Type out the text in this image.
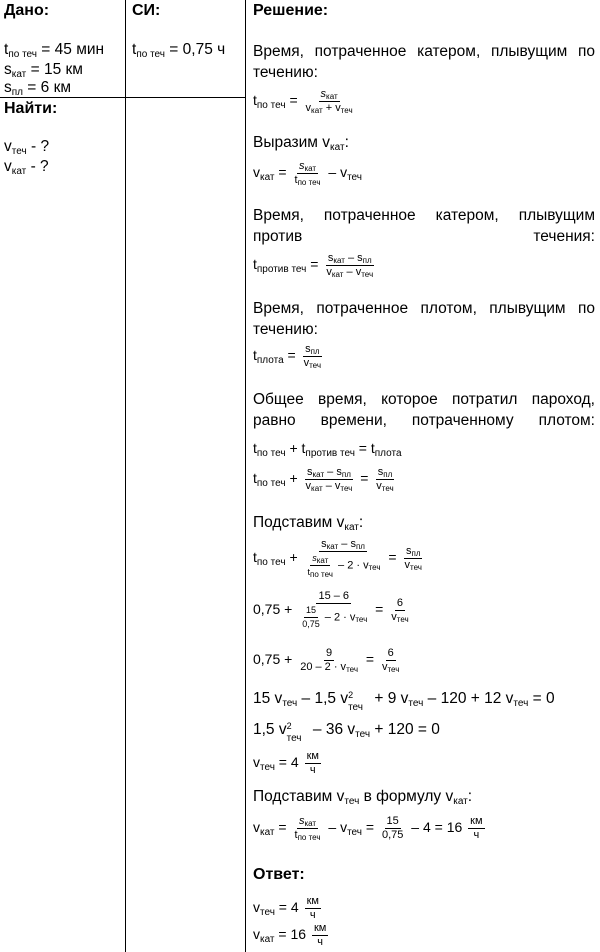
Дано:	СИ:	Решение:
Найти:
tпо теч = 45 мин
sкат = 15 км
sпл = 6 км
vтеч - ?
vкат - ?
tпо теч = 0,75 ч Время, потраченное катером, плывущим по течению:
$t_{по теч} = \frac{\text{sкат}}{\text{vкат + vтеч}}$
Выразим vкат:
$v_{кат} = \frac{\text{sкат}}{\text{tпо теч}} - v_{теч}$
Время, потраченное катером, плывущим против течения:
$t_{против теч} = \frac{\text{sкат – sпл}}{\text{vкат – vтеч}}$
Время, потраченное плотом, плывущим по течению:
$t_{плота} = \frac{\text{sпл}}{\text{vтеч}}$
Общее время, которое потратил пароход, равно времени, потраченному плотом:
$t_{по теч} + t_{против теч} = t_{плота}$
$t_{по теч} + \frac{\text{sкат – sпл}}{\text{vкат – vтеч}} = \frac{\text{sпл}}{\text{vтеч}}$
Подставим vкат:
$t_{по теч} + \frac{\text{sкат – sпл}}{\frac{\text{sкат}}{\text{tпо теч}} - 2 \cdot vтеч} = \frac{\text{sпл}}{\text{vтеч}}$
$0,75 + \frac{15 - 6}{\frac{15}{0,75} - 2 \cdot vтеч} = \frac{6}{\text{vтеч}}$
$0,75 + \frac{9}{\text{20 – 2 · vтеч}} = \frac{6}{\text{vтеч}}$
15 vтеч – 1,5 v 2
теч
+ 9 vтеч – 120 + 12 vтеч = 0
1,5 v 2
теч
– 36 vтеч + 120 = 0
$v_{теч} = 4 \frac{км}{ч}$
Подставим vтеч в формулу vкат:
$v_{кат} = \frac{\text{sкат}}{\text{tпо теч}} - v_{теч} = \frac{15}{0,75} - 4 = 16 \frac{км}{ч}$
Ответ:
$v_{теч} = 4 \frac{км}{ч}$
$v_{кат} = 16 \frac{км}{ч}$
